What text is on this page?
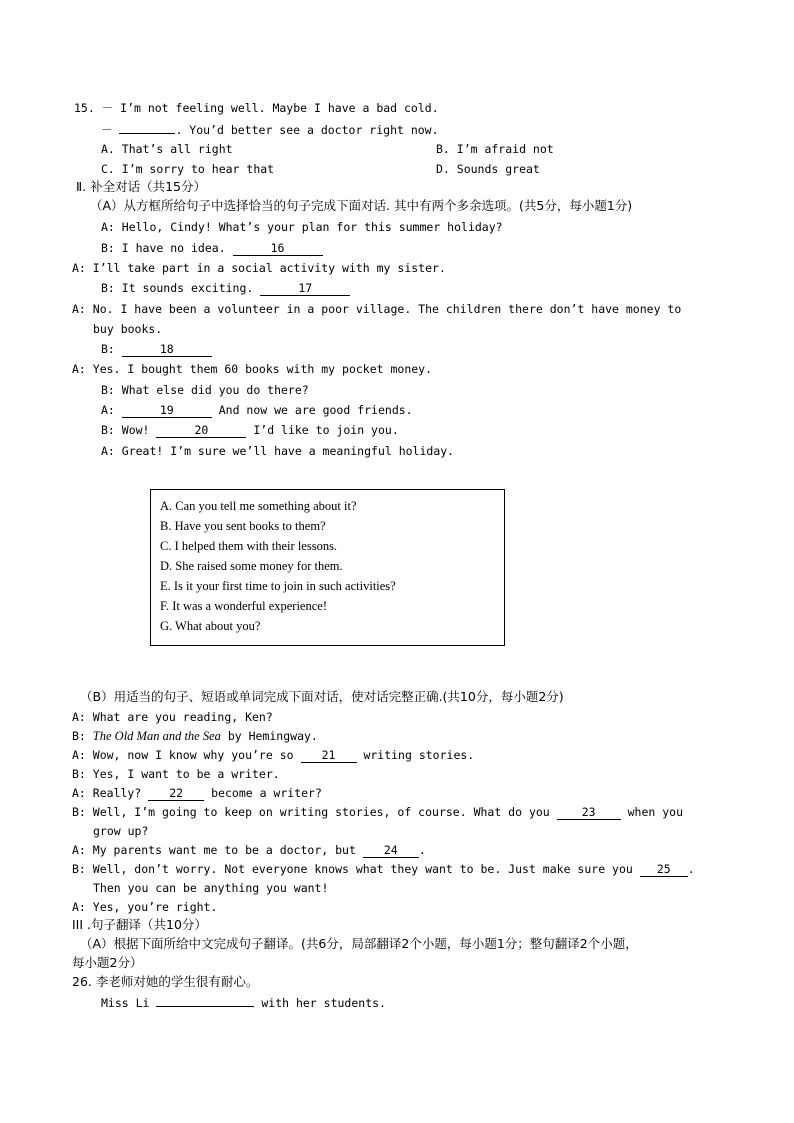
15. － I’m not feeling well. Maybe I have a bad cold.
－	. You’d better see a doctor right now.
A. That’s all right	B. I’m afraid not
C. I’m sorry to hear that	D. Sounds great
Ⅱ. 补全对话（共15分）
（A）从方框所给句子中选择恰当的句子完成下面对话. 其中有两个多余选项。(共5分，每小题1分)
A: Hello, Cindy! What’s your plan for this summer holiday?
B: I have no idea.	16
A: I’ll take part in a social activity with my sister.
B: It sounds exciting.	17
A: No. I have been a volunteer in a poor village. The children there don’t have money to
buy books.
B:	18
A: Yes. I bought them 60 books with my pocket money.
B: What else did you do there?
A:	19	And now we are good friends.
B: Wow!	20	I’d like to join you.
A: Great! I’m sure we’ll have a meaningful holiday.
A. Can you tell me something about it?
B. Have you sent books to them?
C. I helped them with their lessons.
D. She raised some money for them.
E. Is it your first time to join in such activities?
F. It was a wonderful experience!
G. What about you?
（B）用适当的句子、短语或单词完成下面对话，使对话完整正确.(共10分，每小题2分)
A: What are you reading, Ken?
B: The Old Man and the Sea by Hemingway.
A: Wow, now I know why you’re so 21 writing stories.
B: Yes, I want to be a writer.
A: Really? 22 become a writer?
B: Well, I’m going to keep on writing stories, of course. What do you	23	when you
grow up?
A: My parents want me to be a doctor, but 24 .
B: Well, don’t worry. Not everyone knows what they want to be. Just make sure you 25 .
Then you can be anything you want!
A: Yes, you’re right.
III .句子翻译（共10分）
（A）根据下面所给中文完成句子翻译。(共6分，局部翻译2个小题，每小题1分；整句翻译2个小题，
每小题2分）
26. 李老师对她的学生很有耐心。
Miss Li	with her students.
